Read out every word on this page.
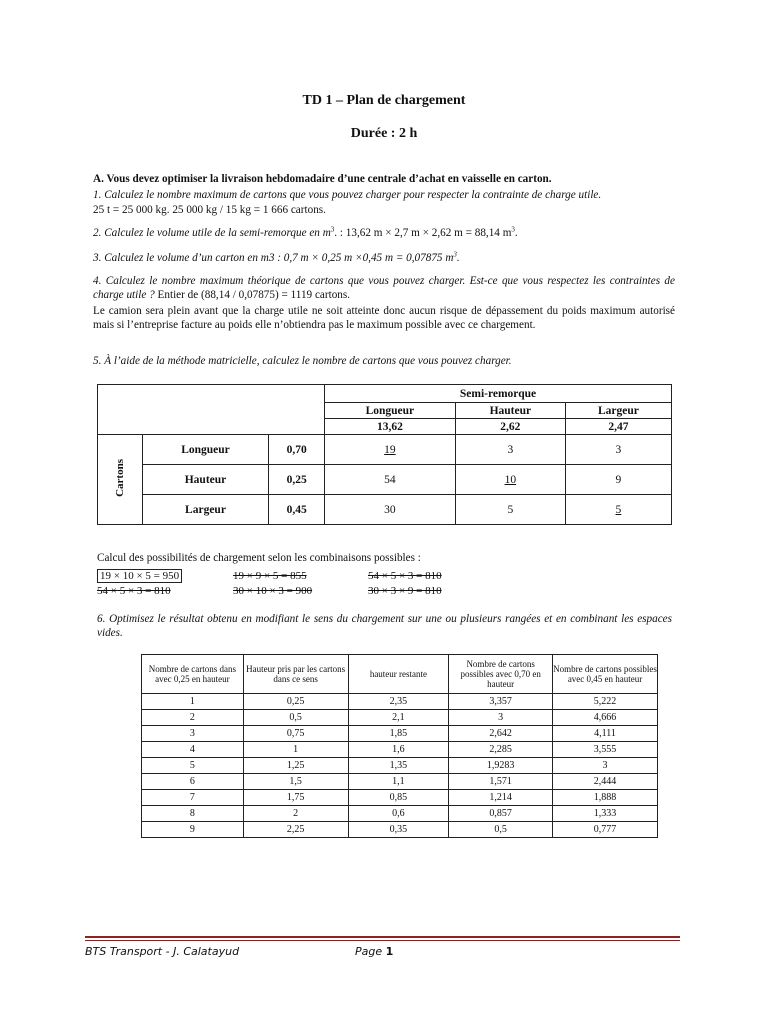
TD 1 – Plan de chargement
Durée : 2 h
A. Vous devez optimiser la livraison hebdomadaire d’une centrale d’achat en vaisselle en carton.
1. Calculez le nombre maximum de cartons que vous pouvez charger pour respecter la contrainte de charge utile.
25 t = 25 000 kg. 25 000 kg / 15 kg = 1 666 cartons.
2. Calculez le volume utile de la semi-remorque en $m^3$. : 13,62 m × 2,7 m × 2,62 m = 88,14 $m^3$.
3. Calculez le volume d’un carton en m3 : 0,7 m × 0,25 m ×0,45 m = 0,07875 $m^3$.
4. Calculez le nombre maximum théorique de cartons que vous pouvez charger. Est-ce que vous respectez les contraintes de charge utile ? Entier de (88,14 / 0,07875) = 1119 cartons.
Le camion sera plein avant que la charge utile ne soit atteinte donc aucun risque de dépassement du poids maximum autorisé mais si l’entreprise facture au poids elle n’obtiendra pas le maximum possible avec ce chargement.
5. À l’aide de la méthode matricielle, calculez le nombre de cartons que vous pouvez charger.
			Semi-remorque		
			Longueur	Hauteur	Largeur
			13,62	2,62	2,47
Cartons	Longueur	0,70	19	3	3
	Hauteur	0,25	54	10	9
	Largeur	0,45	30	5	5
Calcul des possibilités de chargement selon les combinaisons possibles :
19 × 10 × 5 = 950	19 × 9 × 5 = 855	54 × 5 × 3 = 810
54 × 5 × 3 = 810	30 × 10 × 3 = 900	30 × 3 × 9 = 810
6. Optimisez le résultat obtenu en modifiant le sens du chargement sur une ou plusieurs rangées et en combinant les espaces vides.
Nombre de cartons dans avec 0,25 en hauteur	Hauteur pris par les cartons dans ce sens	hauteur restante	Nombre de cartons possibles avec 0,70 en hauteur	Nombre de cartons possibles avec 0,45 en hauteur
1	0,25	2,35	3,357	5,222
2	0,5	2,1	3	4,666
3	0,75	1,85	2,642	4,111
4	1	1,6	2,285	3,555
5	1,25	1,35	1,9283	3
6	1,5	1,1	1,571	2,444
7	1,75	0,85	1,214	1,888
8	2	0,6	0,857	1,333
9	2,25	0,35	0,5	0,777
BTS Transport - J. Calatayud	Page 1
